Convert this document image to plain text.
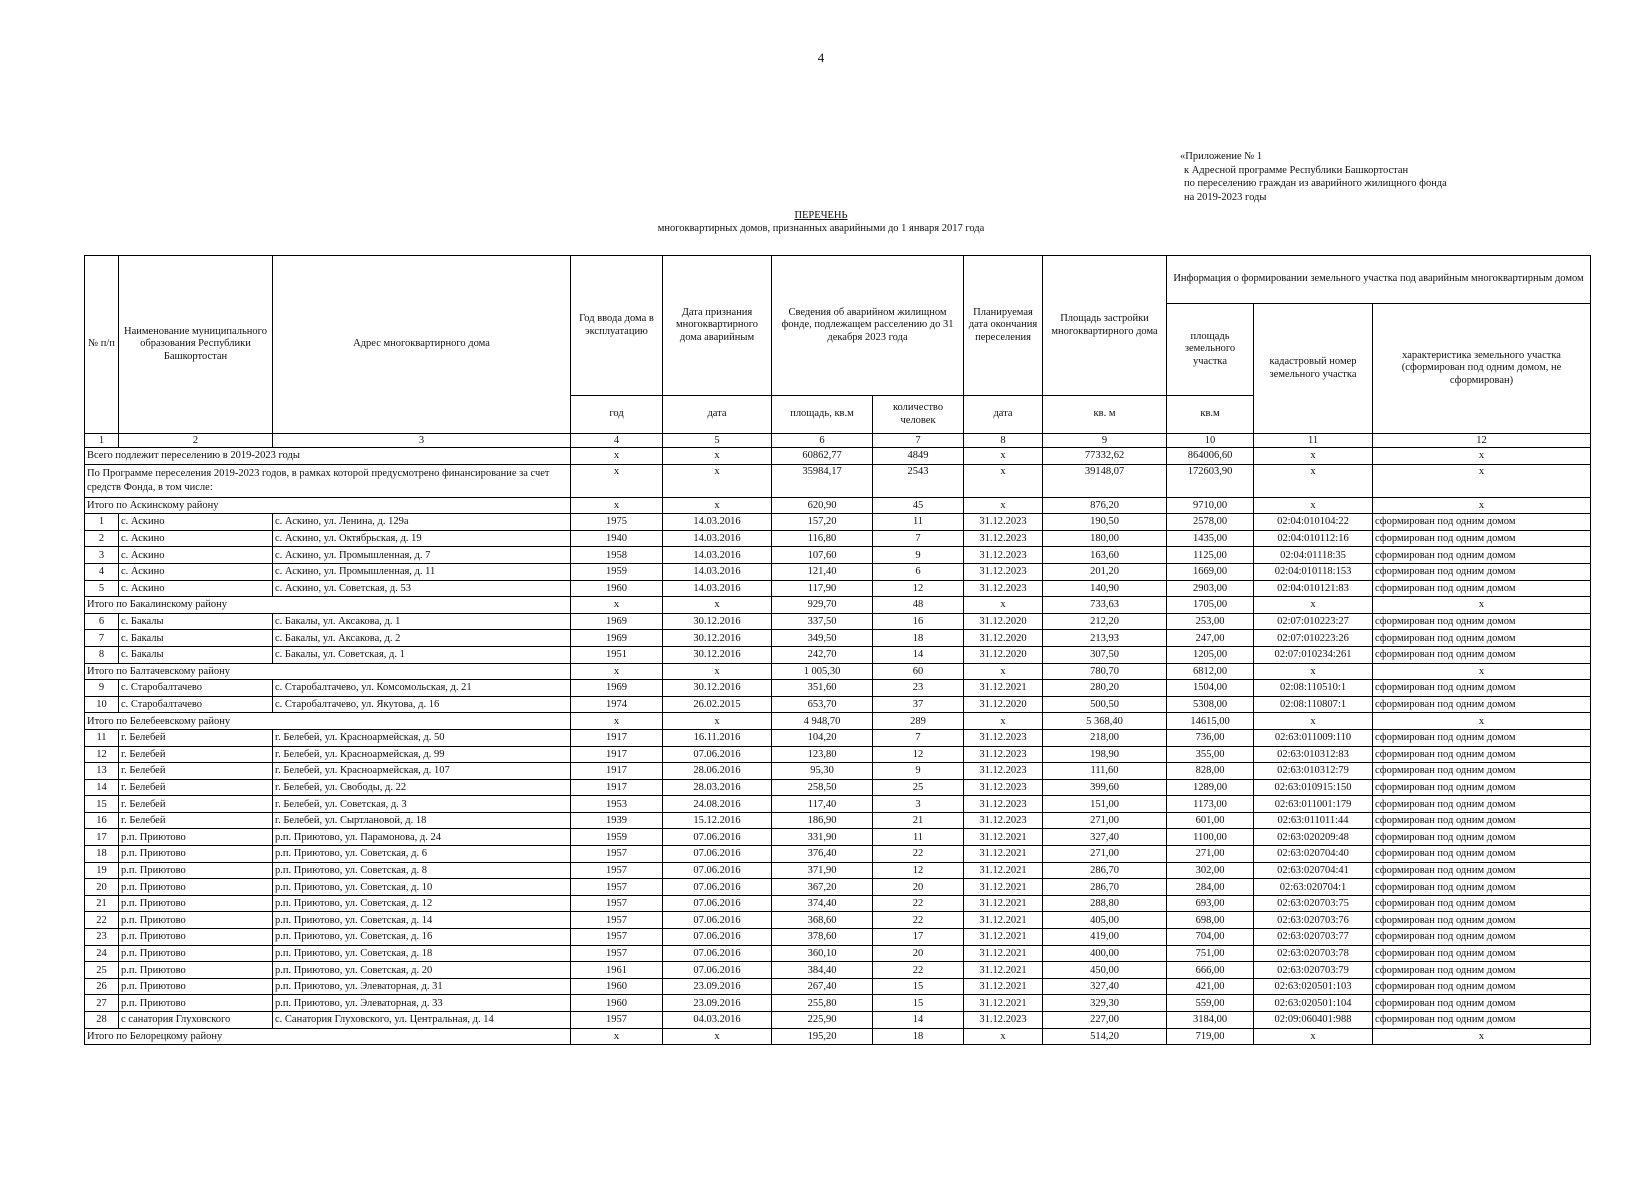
4
«Приложение № 1
к Адресной программе Республики Башкортостан
по переселению граждан из аварийного жилищного фонда
на 2019-2023 годы
ПЕРЕЧЕНЬ
многоквартирных домов, признанных аварийными до 1 января 2017 года
№ п/п	Наименование муниципального образования Республики Башкортостан	Адрес многоквартирного дома	Год ввода дома в эксплуатацию	Дата признания многоквартирного дома аварийным	Сведения об аварийном жилищном фонде, подлежащем расселению до 31 декабря 2023 года		Планируемая дата окончания переселения	Площадь застройки многоквартирного дома	Информация о формировании земельного участка под аварийным многоквартирным домом		
									площадь земельного участка	кадастровый номер земельного участка	характеристика земельного участка (сформирован под одним домом, не сформирован)
			год	дата	площадь, кв.м	количество человек	дата	кв. м	кв.м		
1	2	3	4	5	6	7	8	9	10	11	12
Всего подлежит переселению в 2019-2023 годы			x	x	60862,77	4849	x	77332,62	864006,60	x	x
По Программе переселения 2019-2023 годов, в рамках которой предусмотрено финансирование за счет средств Фонда, в том числе:			x	x	35984,17	2543	x	39148,07	172603,90	x	x
Итого по Аскинскому району			x	x	620,90	45	x	876,20	9710,00	x	x
1	с. Аскино	с. Аскино, ул. Ленина, д. 129а	1975	14.03.2016	157,20	11	31.12.2023	190,50	2578,00	02:04:010104:22	сформирован под одним домом
2	с. Аскино	с. Аскино, ул. Октябрьская, д. 19	1940	14.03.2016	116,80	7	31.12.2023	180,00	1435,00	02:04:010112:16	сформирован под одним домом
3	с. Аскино	с. Аскино, ул. Промышленная, д. 7	1958	14.03.2016	107,60	9	31.12.2023	163,60	1125,00	02:04:01118:35	сформирован под одним домом
4	с. Аскино	с. Аскино, ул. Промышленная, д. 11	1959	14.03.2016	121,40	6	31.12.2023	201,20	1669,00	02:04:010118:153	сформирован под одним домом
5	с. Аскино	с. Аскино, ул. Советская, д. 53	1960	14.03.2016	117,90	12	31.12.2023	140,90	2903,00	02:04:010121:83	сформирован под одним домом
Итого по Бакалинскому району			x	x	929,70	48	x	733,63	1705,00	x	x
6	с. Бакалы	с. Бакалы, ул. Аксакова, д. 1	1969	30.12.2016	337,50	16	31.12.2020	212,20	253,00	02:07:010223:27	сформирован под одним домом
7	с. Бакалы	с. Бакалы, ул. Аксакова, д. 2	1969	30.12.2016	349,50	18	31.12.2020	213,93	247,00	02:07:010223:26	сформирован под одним домом
8	с. Бакалы	с. Бакалы, ул. Советская, д. 1	1951	30.12.2016	242,70	14	31.12.2020	307,50	1205,00	02:07:010234:261	сформирован под одним домом
Итого по Балтачевскому району			x	x	1 005,30	60	x	780,70	6812,00	x	x
9	с. Старобалтачево	с. Старобалтачево, ул. Комсомольская, д. 21	1969	30.12.2016	351,60	23	31.12.2021	280,20	1504,00	02:08:110510:1	сформирован под одним домом
10	с. Старобалтачево	с. Старобалтачево, ул. Якутова, д. 16	1974	26.02.2015	653,70	37	31.12.2020	500,50	5308,00	02:08:110807:1	сформирован под одним домом
Итого по Белебеевскому району			x	x	4 948,70	289	x	5 368,40	14615,00	x	x
11	г. Белебей	г. Белебей, ул. Красноармейская, д. 50	1917	16.11.2016	104,20	7	31.12.2023	218,00	736,00	02:63:011009:110	сформирован под одним домом
12	г. Белебей	г. Белебей, ул. Красноармейская, д. 99	1917	07.06.2016	123,80	12	31.12.2023	198,90	355,00	02:63:010312:83	сформирован под одним домом
13	г. Белебей	г. Белебей, ул. Красноармейская, д. 107	1917	28.06.2016	95,30	9	31.12.2023	111,60	828,00	02:63:010312:79	сформирован под одним домом
14	г. Белебей	г. Белебей, ул. Свободы, д. 22	1917	28.03.2016	258,50	25	31.12.2023	399,60	1289,00	02:63:010915:150	сформирован под одним домом
15	г. Белебей	г. Белебей, ул. Советская, д. 3	1953	24.08.2016	117,40	3	31.12.2023	151,00	1173,00	02:63:011001:179	сформирован под одним домом
16	г. Белебей	г. Белебей, ул. Сыртлановой, д. 18	1939	15.12.2016	186,90	21	31.12.2023	271,00	601,00	02:63:011011:44	сформирован под одним домом
17	р.п. Приютово	р.п. Приютово, ул. Парамонова, д. 24	1959	07.06.2016	331,90	11	31.12.2021	327,40	1100,00	02:63:020209:48	сформирован под одним домом
18	р.п. Приютово	р.п. Приютово, ул. Советская, д. 6	1957	07.06.2016	376,40	22	31.12.2021	271,00	271,00	02:63:020704:40	сформирован под одним домом
19	р.п. Приютово	р.п. Приютово, ул. Советская, д. 8	1957	07.06.2016	371,90	12	31.12.2021	286,70	302,00	02:63:020704:41	сформирован под одним домом
20	р.п. Приютово	р.п. Приютово, ул. Советская, д. 10	1957	07.06.2016	367,20	20	31.12.2021	286,70	284,00	02:63:020704:1	сформирован под одним домом
21	р.п. Приютово	р.п. Приютово, ул. Советская, д. 12	1957	07.06.2016	374,40	22	31.12.2021	288,80	693,00	02:63:020703:75	сформирован под одним домом
22	р.п. Приютово	р.п. Приютово, ул. Советская, д. 14	1957	07.06.2016	368,60	22	31.12.2021	405,00	698,00	02:63:020703:76	сформирован под одним домом
23	р.п. Приютово	р.п. Приютово, ул. Советская, д. 16	1957	07.06.2016	378,60	17	31.12.2021	419,00	704,00	02:63:020703:77	сформирован под одним домом
24	р.п. Приютово	р.п. Приютово, ул. Советская, д. 18	1957	07.06.2016	360,10	20	31.12.2021	400,00	751,00	02:63:020703:78	сформирован под одним домом
25	р.п. Приютово	р.п. Приютово, ул. Советская, д. 20	1961	07.06.2016	384,40	22	31.12.2021	450,00	666,00	02:63:020703:79	сформирован под одним домом
26	р.п. Приютово	р.п. Приютово, ул. Элеваторная, д. 31	1960	23.09.2016	267,40	15	31.12.2021	327,40	421,00	02:63:020501:103	сформирован под одним домом
27	р.п. Приютово	р.п. Приютово, ул. Элеваторная, д. 33	1960	23.09.2016	255,80	15	31.12.2021	329,30	559,00	02:63:020501:104	сформирован под одним домом
28	с санатория Глуховского	с. Санатория Глуховского, ул. Центральная, д. 14	1957	04.03.2016	225,90	14	31.12.2023	227,00	3184,00	02:09:060401:988	сформирован под одним домом
Итого по Белорецкому району			x	x	195,20	18	x	514,20	719,00	x	x
